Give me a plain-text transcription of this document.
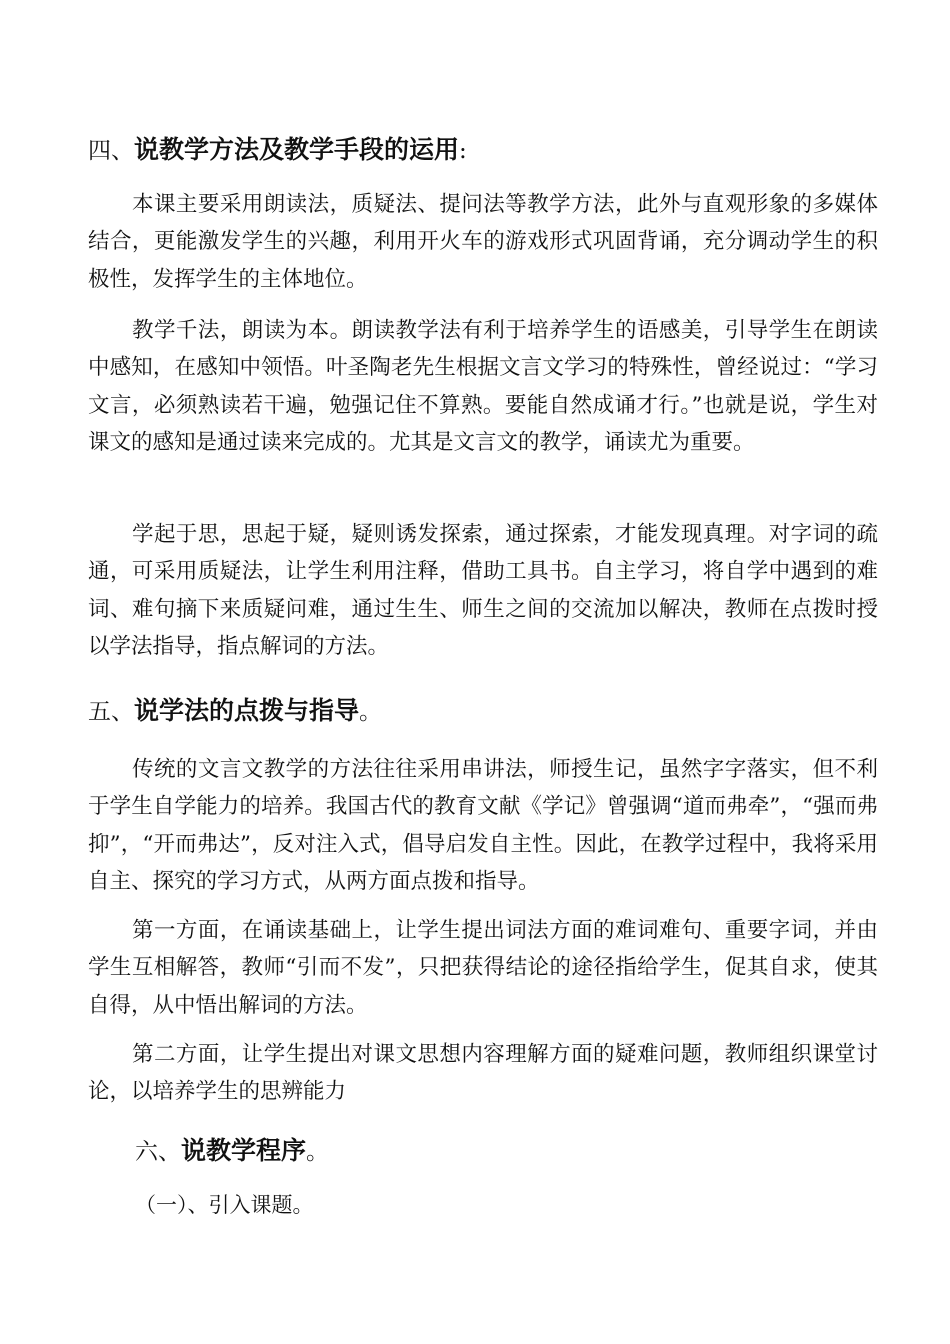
四、说教学方法及教学手段的运用:

本课主要采用朗读法，质疑法、提问法等教学方法，此外与直观形象的多媒体结合，更能激发学生的兴趣，利用开火车的游戏形式巩固背诵，充分调动学生的积极性，发挥学生的主体地位。

教学千法，朗读为本。朗读教学法有利于培养学生的语感美，引导学生在朗读中感知，在感知中领悟。叶圣陶老先生根据文言文学习的特殊性，曾经说过：“学习文言，必须熟读若干遍，勉强记住不算熟。要能自然成诵才行。”也就是说，学生对课文的感知是通过读来完成的。尤其是文言文的教学，诵读尤为重要。

学起于思，思起于疑，疑则诱发探索，通过探索，才能发现真理。对字词的疏通，可采用质疑法，让学生利用注释，借助工具书。自主学习，将自学中遇到的难词、难句摘下来质疑问难，通过生生、师生之间的交流加以解决，教师在点拨时授以学法指导，指点解词的方法。

五、说学法的点拨与指导。

传统的文言文教学的方法往往采用串讲法，师授生记，虽然字字落实，但不利于学生自学能力的培养。我国古代的教育文献《学记》曾强调“道而弗牵”，“强而弗抑”，“开而弗达”，反对注入式，倡导启发自主性。因此，在教学过程中，我将采用自主、探究的学习方式，从两方面点拨和指导。

第一方面，在诵读基础上，让学生提出词法方面的难词难句、重要字词，并由学生互相解答，教师“引而不发”，只把获得结论的途径指给学生，促其自求，使其自得，从中悟出解词的方法。

第二方面，让学生提出对课文思想内容理解方面的疑难问题，教师组织课堂讨论，以培养学生的思辨能力

六、说教学程序。
（一）、引入课题。
